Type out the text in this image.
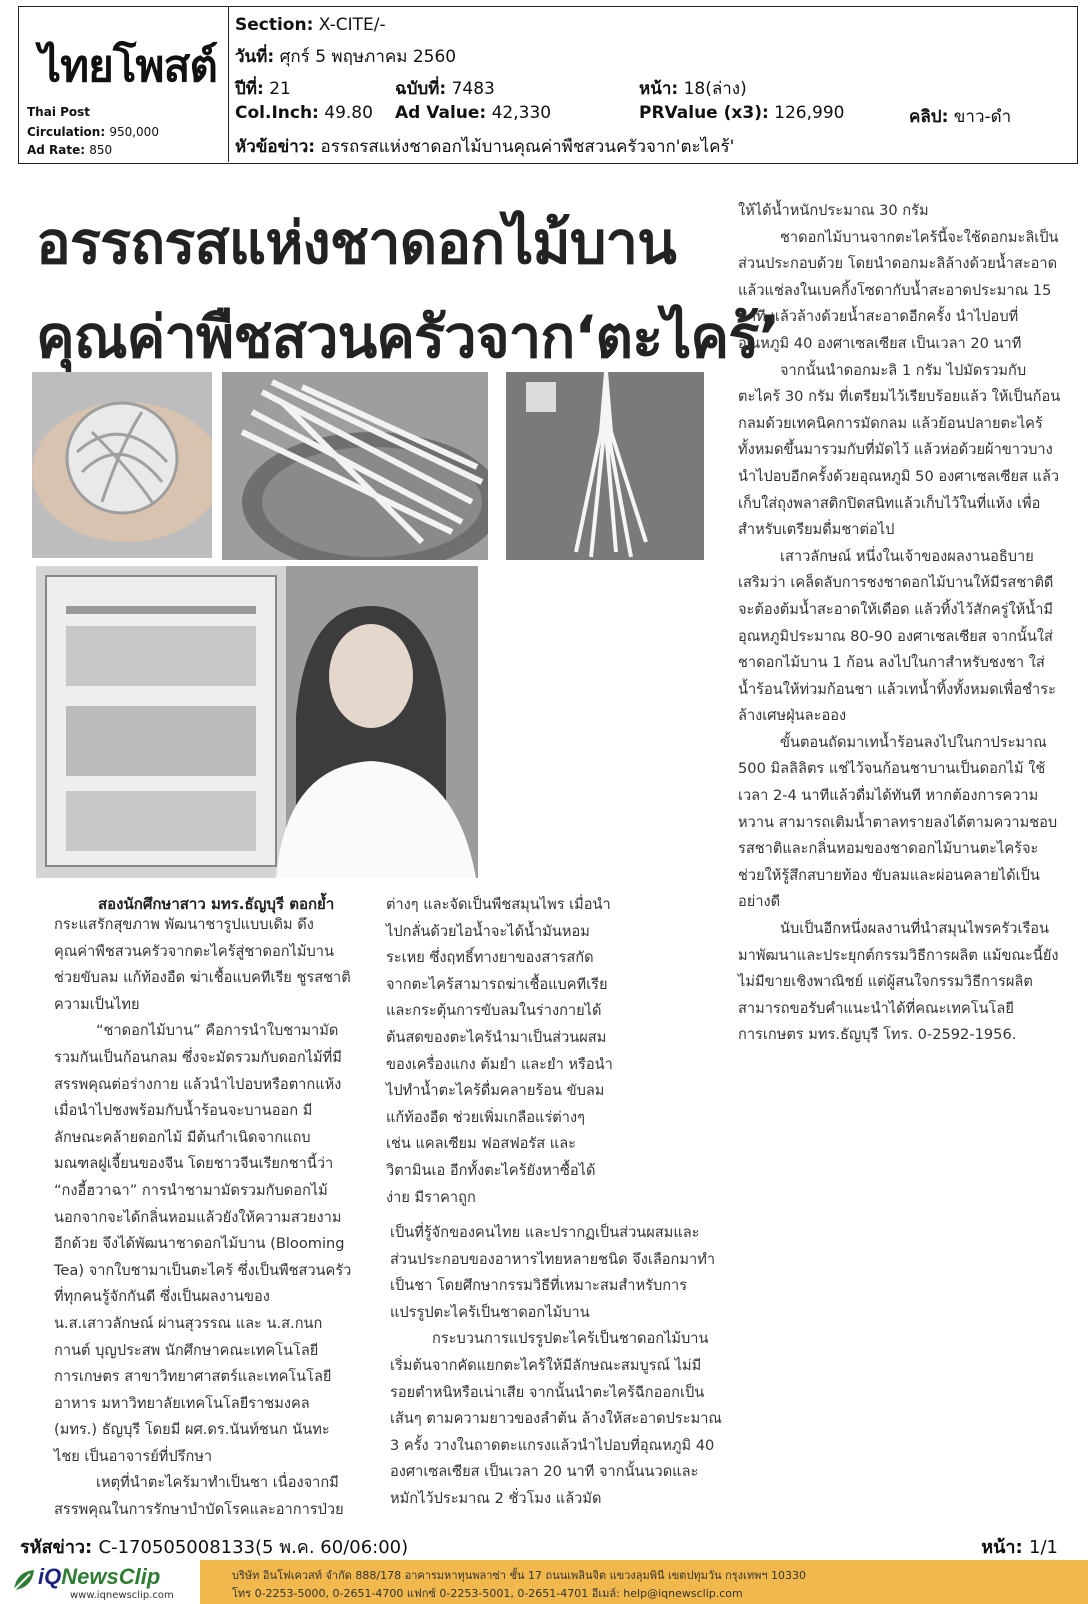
ไทยโพสต์
Thai Post
Circulation: 950,000
Ad Rate: 850
Section: X-CITE/-
วันที่: ศุกร์ 5 พฤษภาคม 2560
ปีที่: 21	ฉบับที่: 7483	หน้า: 18(ล่าง)
Col.Inch: 49.80 Ad Value: 42,330	PRValue (x3): 126,990	คลิป: ขาว-ดำ
หัวข้อข่าว: อรรถรสแห่งชาดอกไม้บานคุณค่าพืชสวนครัวจาก'ตะไคร้'
อรรถรสแห่งชาดอกไม้บาน
คุณค่าพืชสวนครัวจาก‘ตะไคร้’
สองนักศึกษาสาว มทร.ธัญบุรี ตอกย้ำ

กระแสรักสุขภาพ พัฒนาชารูปแบบเดิม ดึงคุณค่าพืชสวนครัวจากตะไคร้สู่ชาดอกไม้บาน ช่วยขับลม แก้ท้องอืด ฆ่าเชื้อแบคทีเรีย ชูรสชาติความเป็นไทย

“ชาดอกไม้บาน” คือการนำใบชามามัดรวมกันเป็นก้อนกลม ซึ่งจะมัดรวมกับดอกไม้ที่มีสรรพคุณต่อร่างกาย แล้วนำไปอบหรือตากแห้ง เมื่อนำไปชงพร้อมกับน้ำร้อนจะบานออก มีลักษณะคล้ายดอกไม้ มีต้นกำเนิดจากแถบมณฑลฝูเจี้ยนของจีน โดยชาวจีนเรียกชานี้ว่า “กงอี้ฮวาฉา” การนำชามามัดรวมกับดอกไม้นอกจากจะได้กลิ่นหอมแล้วยังให้ความสวยงามอีกด้วย จึงได้พัฒนาชาดอกไม้บาน (Blooming Tea) จากใบชามาเป็นตะไคร้ ซึ่งเป็นพืชสวนครัวที่ทุกคนรู้จักกันดี ซึ่งเป็นผลงานของ น.ส.เสาวลักษณ์ ผ่านสุวรรณ และ น.ส.กนกกานต์ บุญประสพ นักศึกษาคณะเทคโนโลยีการเกษตร สาขาวิทยาศาสตร์และเทคโนโลยีอาหาร มหาวิทยาลัยเทคโนโลยีราชมงคล (มทร.) ธัญบุรี โดยมี ผศ.ดร.นันท์ชนก นันทะไชย เป็นอาจารย์ที่ปรึกษา

เหตุที่นำตะไคร้มาทำเป็นชา เนื่องจากมีสรรพคุณในการรักษาบำบัดโรคและอาการป่วย

ต่างๆ และจัดเป็นพืชสมุนไพร เมื่อนำไปกลั่นด้วยไอน้ำจะได้น้ำมันหอมระเหย ซึ่งฤทธิ์ทางยาของสารสกัดจากตะไคร้สามารถฆ่าเชื้อแบคทีเรียและกระตุ้นการขับลมในร่างกายได้ ต้นสดของตะไคร้นำมาเป็นส่วนผสมของเครื่องแกง ต้มยำ และยำ หรือนำไปทำน้ำตะไคร้ดื่มคลายร้อน ขับลมแก้ท้องอืด ช่วยเพิ่มเกลือแร่ต่างๆ เช่น แคลเซียม ฟอสฟอรัส และวิตามินเอ อีกทั้งตะไคร้ยังหาซื้อได้ง่าย มีราคาถูก

เป็นที่รู้จักของคนไทย และปรากฏเป็นส่วนผสมและส่วนประกอบของอาหารไทยหลายชนิด จึงเลือกมาทำเป็นชา โดยศึกษากรรมวิธีที่เหมาะสมสำหรับการแปรรูปตะไคร้เป็นชาดอกไม้บาน

กระบวนการแปรรูปตะไคร้เป็นชาดอกไม้บาน เริ่มต้นจากคัดแยกตะไคร้ให้มีลักษณะสมบูรณ์ ไม่มีรอยตำหนิหรือเน่าเสีย จากนั้นนำตะไคร้ฉีกออกเป็นเส้นๆ ตามความยาวของลำต้น ล้างให้สะอาดประมาณ 3 ครั้ง วางในถาดตะแกรงแล้วนำไปอบที่อุณหภูมิ 40 องศาเซลเซียส เป็นเวลา 20 นาที จากนั้นนวดและหมักไว้ประมาณ 2 ชั่วโมง แล้วมัด

ให้ได้น้ำหนักประมาณ 30 กรัม

ชาดอกไม้บานจากตะไคร้นี้จะใช้ดอกมะลิเป็นส่วนประกอบด้วย โดยนำดอกมะลิล้างด้วยน้ำสะอาด แล้วแช่ลงในเบคกิ้งโซดากับน้ำสะอาดประมาณ 15 นาที แล้วล้างด้วยน้ำสะอาดอีกครั้ง นำไปอบที่อุณหภูมิ 40 องศาเซลเซียส เป็นเวลา 20 นาที

จากนั้นนำดอกมะลิ 1 กรัม ไปมัดรวมกับตะไคร้ 30 กรัม ที่เตรียมไว้เรียบร้อยแล้ว ให้เป็นก้อนกลมด้วยเทคนิคการมัดกลม แล้วย้อนปลายตะไคร้ทั้งหมดขึ้นมารวมกับที่มัดไว้ แล้วห่อด้วยผ้าขาวบาง นำไปอบอีกครั้งด้วยอุณหภูมิ 50 องศาเซลเซียส แล้วเก็บใส่ถุงพลาสติกปิดสนิทแล้วเก็บไว้ในที่แห้ง เพื่อสำหรับเตรียมดื่มชาต่อไป

เสาวลักษณ์ หนึ่งในเจ้าของผลงานอธิบายเสริมว่า เคล็ดลับการชงชาดอกไม้บานให้มีรสชาติดี จะต้องต้มน้ำสะอาดให้เดือด แล้วทิ้งไว้สักครู่ให้น้ำมีอุณหภูมิประมาณ 80-90 องศาเซลเซียส จากนั้นใส่ชาดอกไม้บาน 1 ก้อน ลงไปในกาสำหรับชงชา ใส่น้ำร้อนให้ท่วมก้อนชา แล้วเทน้ำทิ้งทั้งหมดเพื่อชำระล้างเศษฝุ่นละออง

ขั้นตอนถัดมาเทน้ำร้อนลงไปในกาประมาณ 500 มิลลิลิตร แช่ไว้จนก้อนชาบานเป็นดอกไม้ ใช้เวลา 2-4 นาทีแล้วดื่มได้ทันที หากต้องการความหวาน สามารถเติมน้ำตาลทรายลงได้ตามความชอบ รสชาติและกลิ่นหอมของชาดอกไม้บานตะไคร้จะช่วยให้รู้สึกสบายท้อง ขับลมและผ่อนคลายได้เป็นอย่างดี

นับเป็นอีกหนึ่งผลงานที่นำสมุนไพรครัวเรือนมาพัฒนาและประยุกต์กรรมวิธีการผลิต แม้ขณะนี้ยังไม่มีขายเชิงพาณิชย์ แต่ผู้สนใจกรรมวิธีการผลิตสามารถขอรับคำแนะนำได้ที่คณะเทคโนโลยีการเกษตร มทร.ธัญบุรี โทร. 0-2592-1956.

รหัสข่าว: C-170505008133(5 พ.ค. 60/06:00)	หน้า: 1/1
iQNewsClip
www.iqnewsclip.com
บริษัท อินโฟเควสท์ จำกัด 888/178 อาคารมหาทุนพลาซ่า ชั้น 17 ถนนเพลินจิต แขวงลุมพินี เขตปทุมวัน กรุงเทพฯ 10330
โทร 0-2253-5000, 0-2651-4700 แฟกซ์ 0-2253-5001, 0-2651-4701 อีเมล์: help@iqnewsclip.com
